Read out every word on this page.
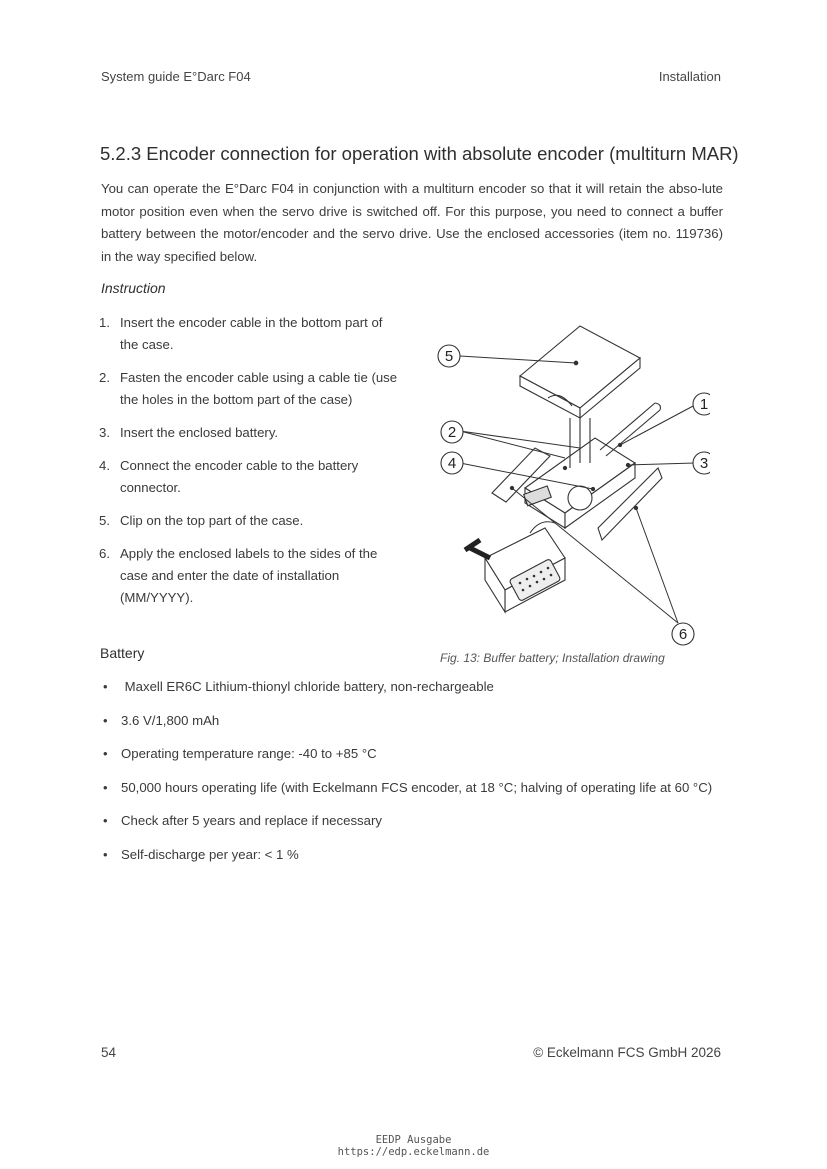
System guide E°Darc F04	Installation
5.2.3 Encoder connection for operation with absolute encoder (multiturn MAR)

You can operate the E°Darc F04 in conjunction with a multiturn encoder so that it will retain the abso-lute motor position even when the servo drive is switched off. For this purpose, you need to connect a buffer battery between the motor/encoder and the servo drive. Use the enclosed accessories (item no. 119736) in the way specified below.

Instruction
1. Insert the encoder cable in the bottom part of the case.
2. Fasten the encoder cable using a cable tie (use the holes in the bottom part of the case)
3. Insert the enclosed battery.
4. Connect the encoder cable to the battery connector.
5. Clip on the top part of the case.
6. Apply the enclosed labels to the sides of the case and enter the date of installation (MM/YYYY).
5
1
2
4	3
6
Battery	Fig. 13: Buffer battery; Installation drawing
• Maxell ER6C Lithium-thionyl chloride battery, non-rechargeable
• 3.6 V/1,800 mAh
• Operating temperature range: -40 to +85 °C
• 50,000 hours operating life (with Eckelmann FCS encoder, at 18 °C; halving of operating life at 60 °C)
• Check after 5 years and replace if necessary
• Self-discharge per year: < 1 %
54	© Eckelmann FCS GmbH 2026
EEDP Ausgabe
https://edp.eckelmann.de
